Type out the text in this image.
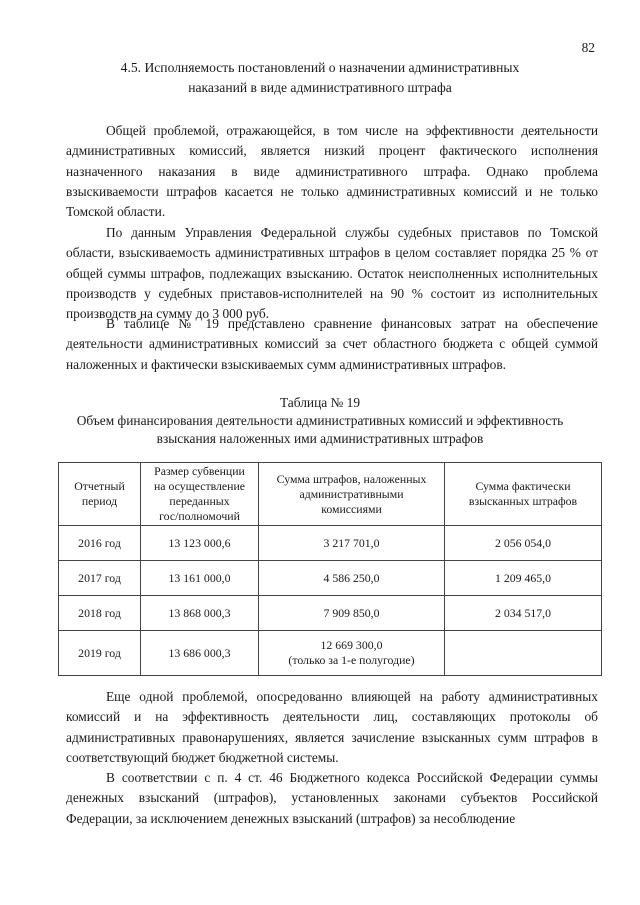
82
4.5. Исполняемость постановлений о назначении административных
наказаний в виде административного штрафа

Общей проблемой, отражающейся, в том числе на эффективности деятельности административных комиссий, является низкий процент фактического исполнения назначенного наказания в виде административного штрафа. Однако проблема взыскиваемости штрафов касается не только административных комиссий и не только Томской области.

По данным Управления Федеральной службы судебных приставов по Томской области, взыскиваемость административных штрафов в целом составляет порядка 25 % от общей суммы штрафов, подлежащих взысканию. Остаток неисполненных исполнительных производств у судебных приставов-исполнителей на 90 % состоит из исполнительных производств на сумму до 3 000 руб.

В таблице № 19 представлено сравнение финансовых затрат на обеспечение деятельности административных комиссий за счет областного бюджета с общей суммой наложенных и фактически взыскиваемых сумм административных штрафов.

Таблица № 19
Объем финансирования деятельности административных комиссий и эффективность
взыскания наложенных ими административных штрафов
Отчетный
период	Размер субвенции
на осуществление
переданных
гос/полномочий	Сумма штрафов, наложенных
административными
комиссиями	Сумма фактически
взысканных штрафов

2016 год	13 123 000,6	3 217 701,0	2 056 054,0
2017 год	13 161 000,0	4 586 250,0	1 209 465,0
2018 год	13 868 000,3	7 909 850,0	2 034 517,0
2019 год	13 686 000,3	12 669 300,0
(только за 1-е полугодие)	

Еще одной проблемой, опосредованно влияющей на работу административных комиссий и на эффективность деятельности лиц, составляющих протоколы об административных правонарушениях, является зачисление взысканных сумм штрафов в соответствующий бюджет бюджетной системы.

В соответствии с п. 4 ст. 46 Бюджетного кодекса Российской Федерации суммы денежных взысканий (штрафов), установленных законами субъектов Российской Федерации, за исключением денежных взысканий (штрафов) за несоблюдение
